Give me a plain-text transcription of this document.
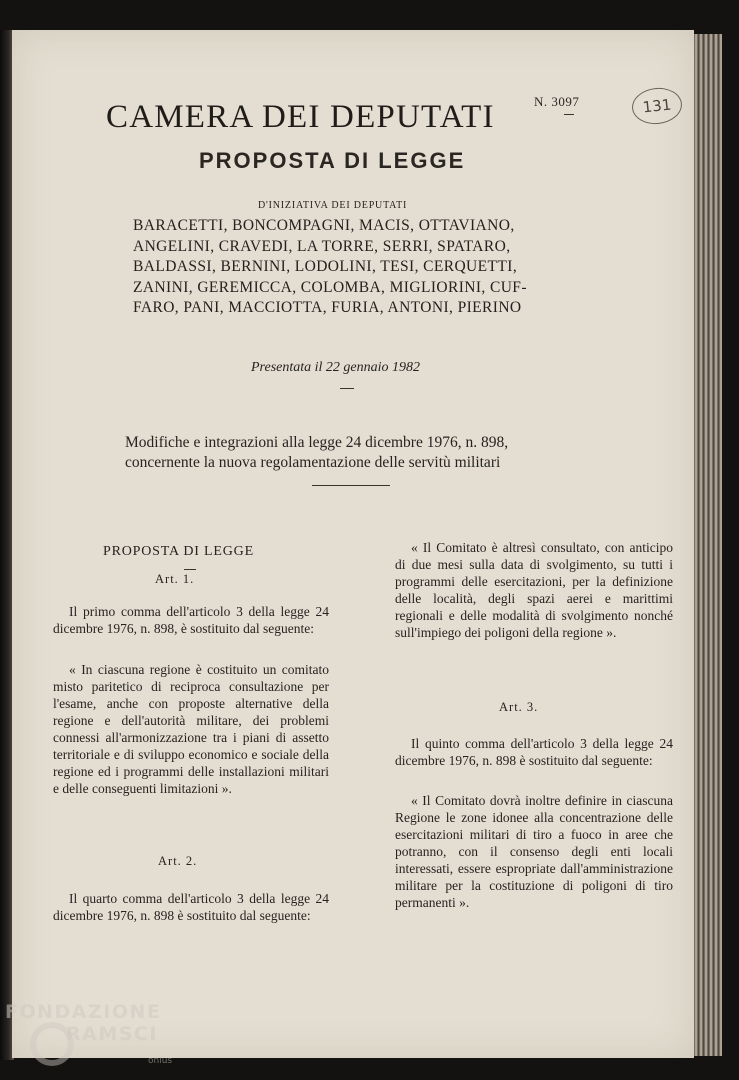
CAMERA DEI DEPUTATI	N. 3097	131
PROPOSTA DI LEGGE
D'INIZIATIVA DEI DEPUTATI
BARACETTI, BONCOMPAGNI, MACIS, OTTAVIANO,
ANGELINI, CRAVEDI, LA TORRE, SERRI, SPATARO,
BALDASSI, BERNINI, LODOLINI, TESI, CERQUETTI,
ZANINI, GEREMICCA, COLOMBA, MIGLIORINI, CUF-
FARO, PANI, MACCIOTTA, FURIA, ANTONI, PIERINO
Presentata il 22 gennaio 1982
Modifiche e integrazioni alla legge 24 dicembre 1976, n. 898,
concernente la nuova regolamentazione delle servitù militari
PROPOSTA DI LEGGE
Art. 1.
Il primo comma dell'articolo 3 della legge 24 dicembre 1976, n. 898, è sostituito dal seguente:
« In ciascuna regione è costituito un comitato misto paritetico di reciproca consultazione per l'esame, anche con proposte alternative della regione e dell'autorità militare, dei problemi connessi all'armonizzazione tra i piani di assetto territoriale e di sviluppo economico e sociale della regione ed i programmi delle installazioni militari e delle conseguenti limitazioni ».
Art. 2.
Il quarto comma dell'articolo 3 della legge 24 dicembre 1976, n. 898 è sostituito dal seguente:
« Il Comitato è altresì consultato, con anticipo di due mesi sulla data di svolgimento, su tutti i programmi delle esercitazioni, per la definizione delle località, degli spazi aerei e marittimi regionali e delle modalità di svolgimento nonché sull'impiego dei poligoni della regione ».
Art. 3.
Il quinto comma dell'articolo 3 della legge 24 dicembre 1976, n. 898 è sostituito dal seguente:
« Il Comitato dovrà inoltre definire in ciascuna Regione le zone idonee alla concentrazione delle esercitazioni militari di tiro a fuoco in aree che potranno, con il consenso degli enti locali interessati, essere espropriate dall'amministrazione militare per la costituzione di poligoni di tiro permanenti ».
FONDAZIONE
RAMSCI
onlus
